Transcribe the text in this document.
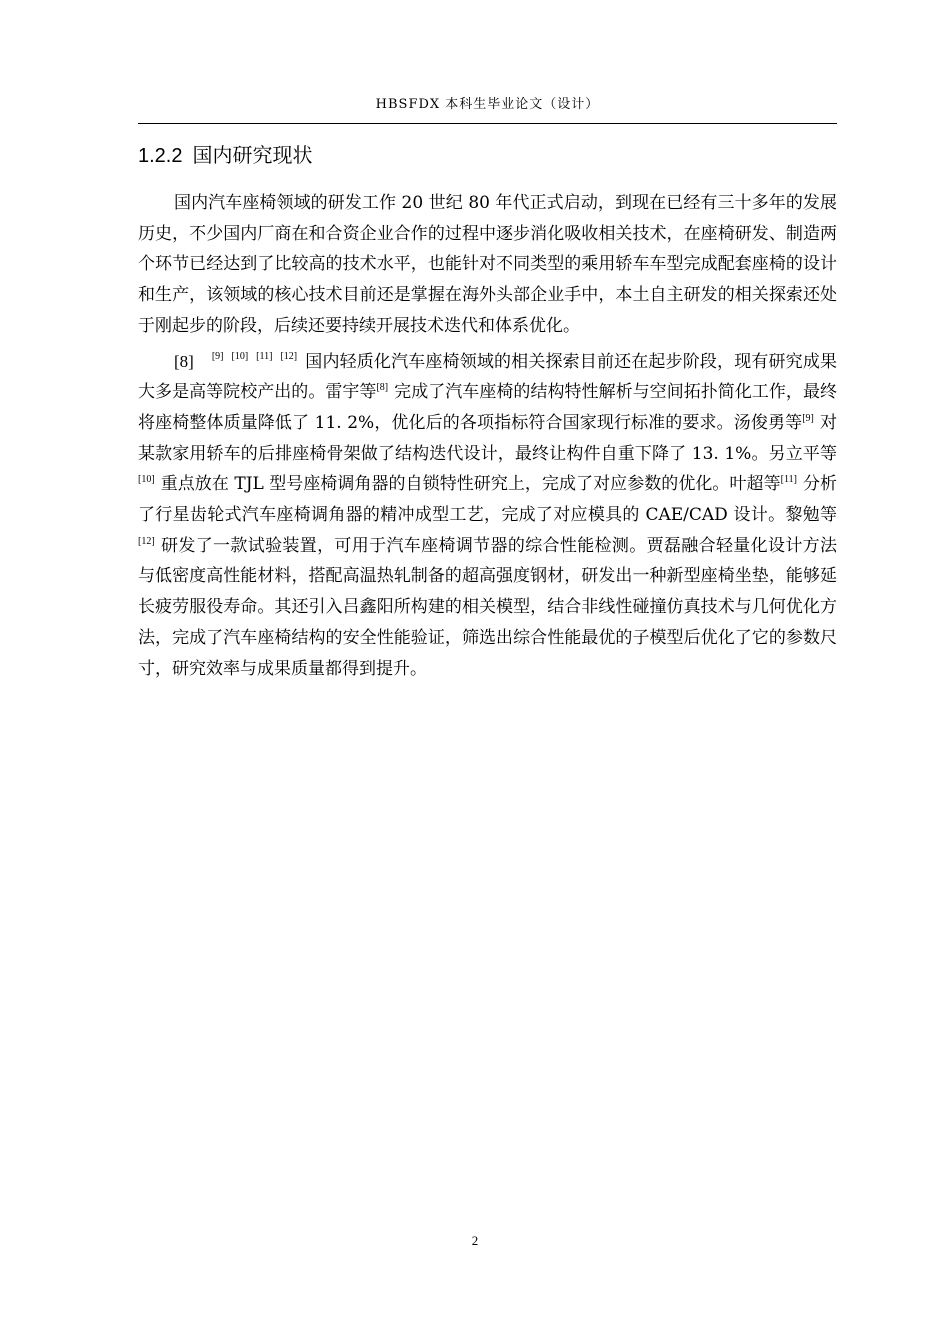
HBSFDX 本科生毕业论文（设计）
1.2.2 国内研究现状

国内汽车座椅领域的研发工作 20 世纪 80 年代正式启动，到现在已经有三十多年的发展历史，不少国内厂商在和合资企业合作的过程中逐步消化吸收相关技术，在座椅研发、制造两个环节已经达到了比较高的技术水平，也能针对不同类型的乘用轿车车型完成配套座椅的设计和生产，该领域的核心技术目前还是掌握在海外头部企业手中，本土自主研发的相关探索还处于刚起步的阶段，后续还要持续开展技术迭代和体系优化。

[8] [9] [10] [11] [12] 国内轻质化汽车座椅领域的相关探索目前还在起步阶段，现有研究成果大多是高等院校产出的。雷宇等[8] 完成了汽车座椅的结构特性解析与空间拓扑简化工作，最终将座椅整体质量降低了 11. 2%，优化后的各项指标符合国家现行标准的要求。汤俊勇等[9] 对某款家用轿车的后排座椅骨架做了结构迭代设计，最终让构件自重下降了 13. 1%。另立平等[10] 重点放在 TJL 型号座椅调角器的自锁特性研究上，完成了对应参数的优化。叶超等[11] 分析了行星齿轮式汽车座椅调角器的精冲成型工艺，完成了对应模具的 CAE/CAD 设计。黎勉等[12] 研发了一款试验装置，可用于汽车座椅调节器的综合性能检测。贾磊融合轻量化设计方法与低密度高性能材料，搭配高温热轧制备的超高强度钢材，研发出一种新型座椅坐垫，能够延长疲劳服役寿命。其还引入吕鑫阳所构建的相关模型，结合非线性碰撞仿真技术与几何优化方法，完成了汽车座椅结构的安全性能验证，筛选出综合性能最优的子模型后优化了它的参数尺寸，研究效率与成果质量都得到提升。

2
